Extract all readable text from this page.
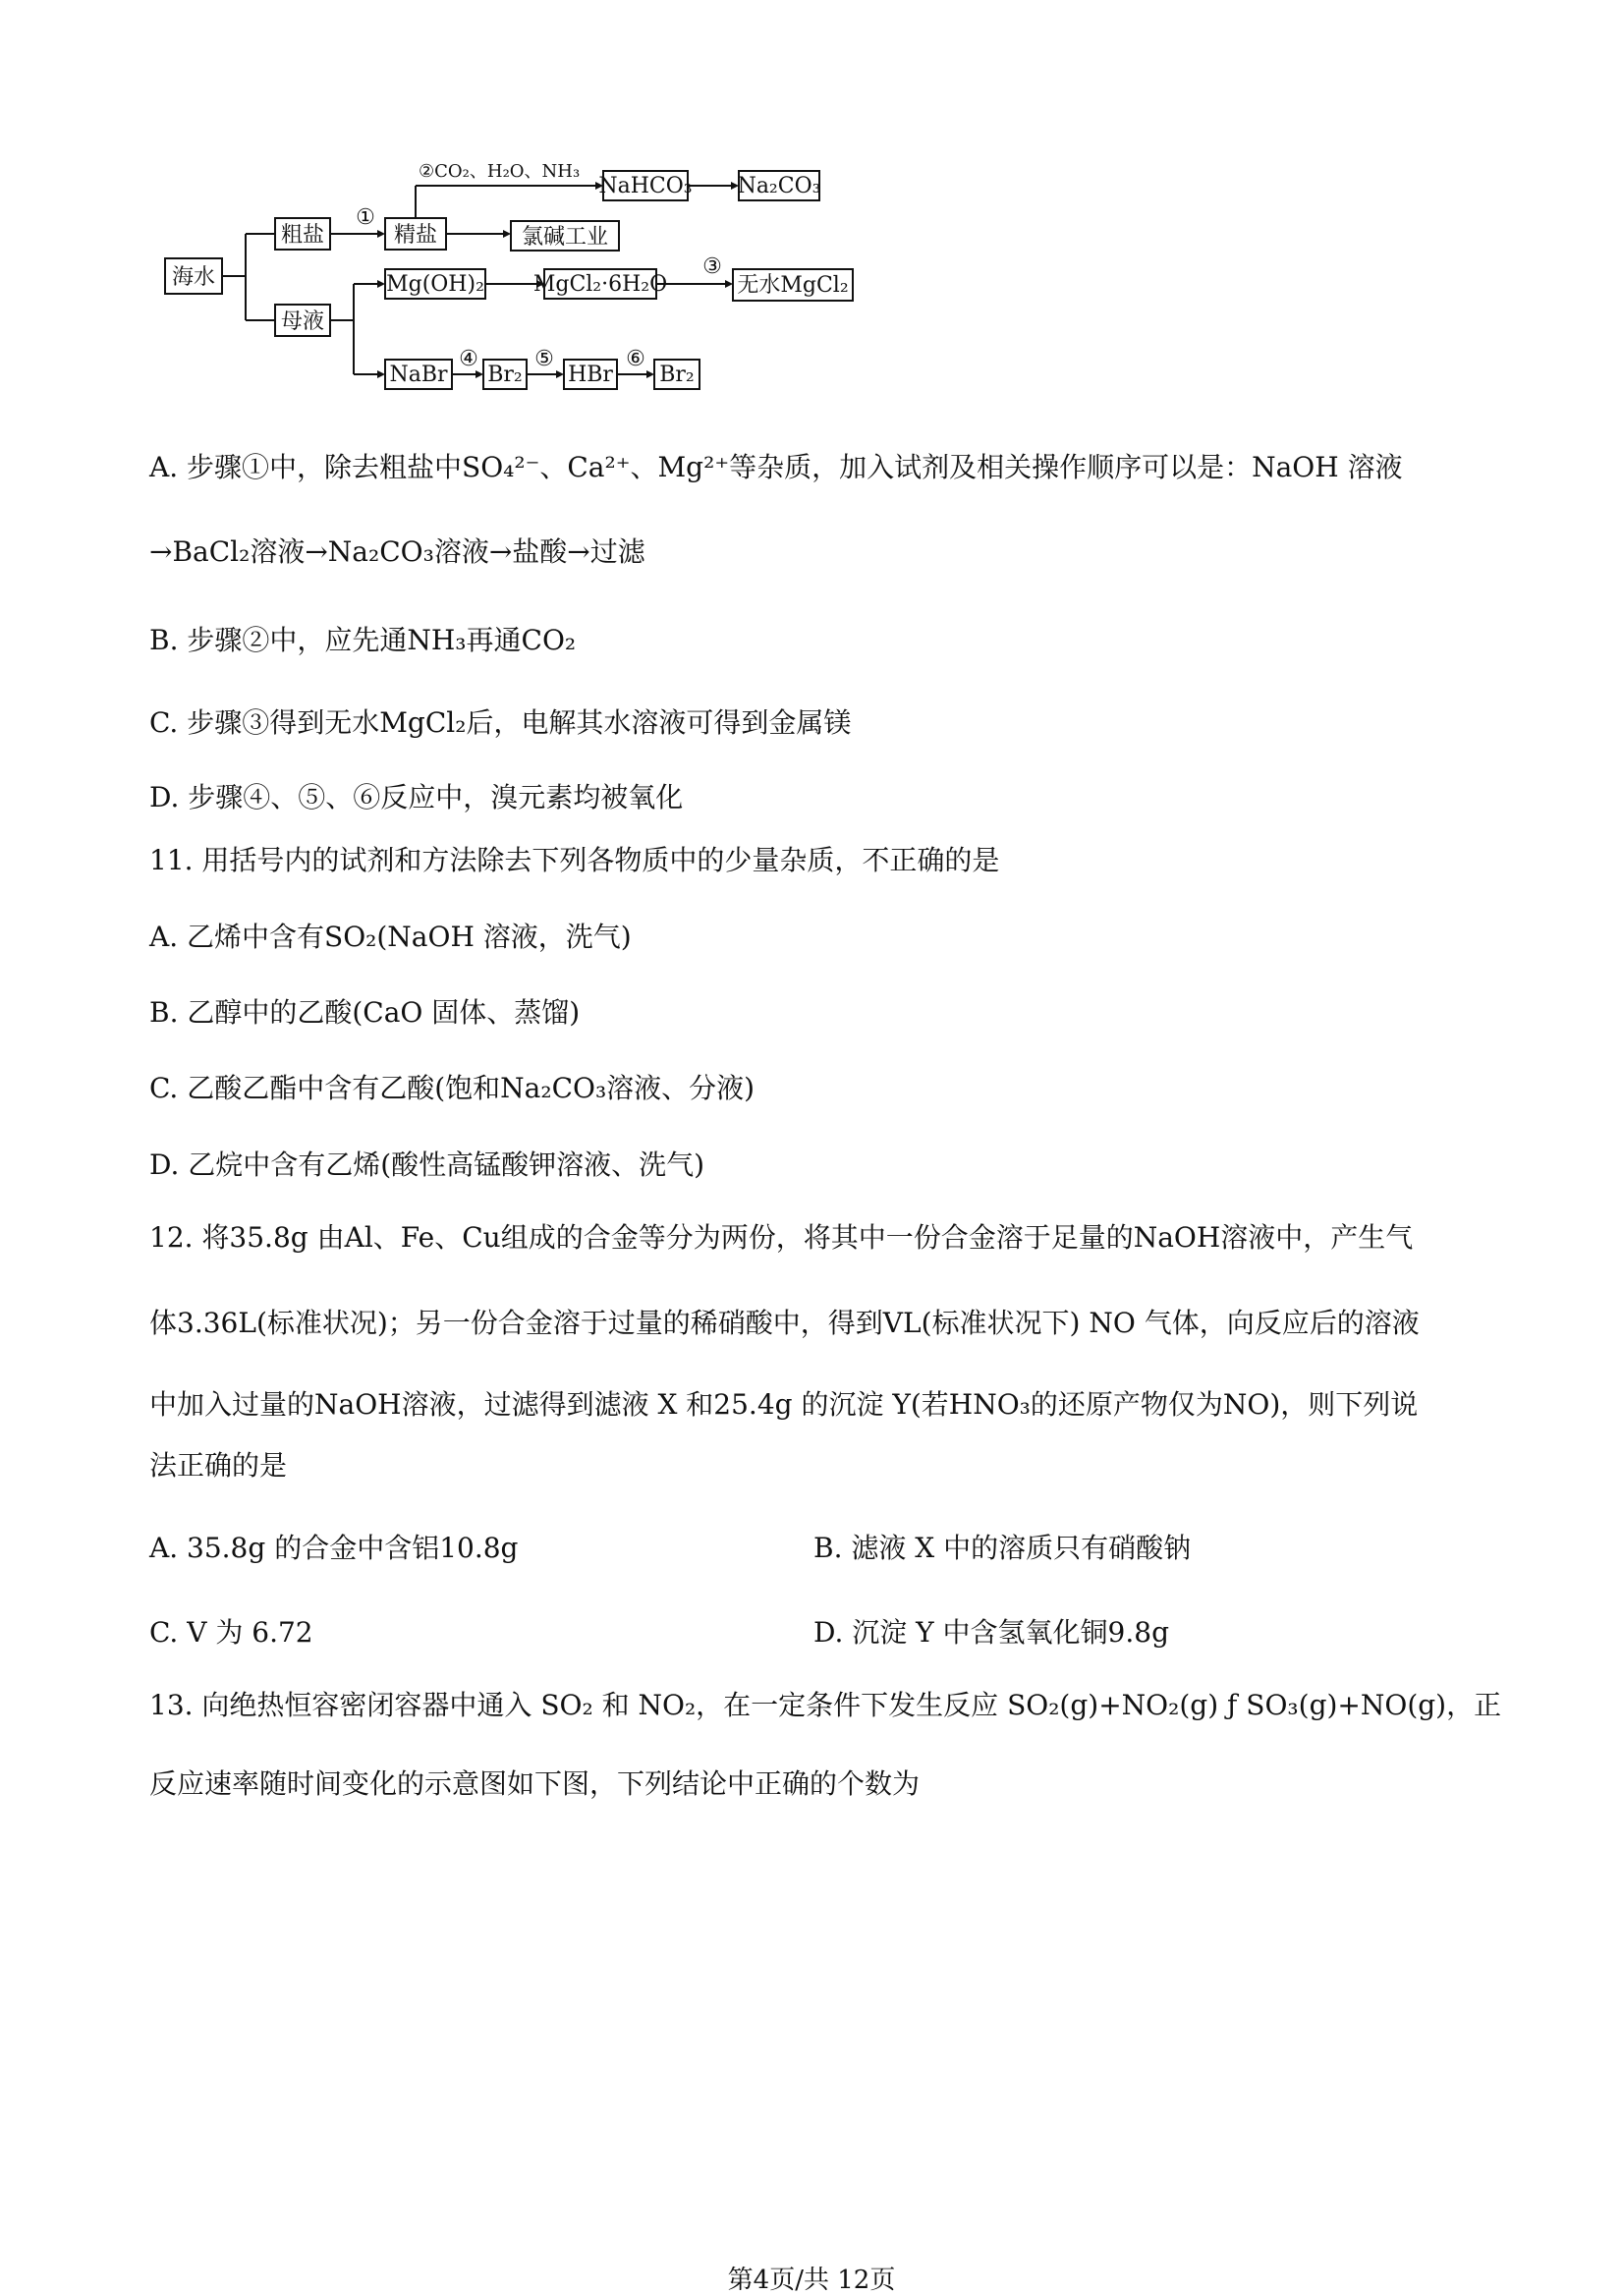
海水
粗盐	精盐
母液
NaHCO₃ Na₂CO₃
氯碱工业
Mg(OH)₂ MgCl₂·6H₂O	无水MgCl₂
NaBr Br₂ HBr Br₂
①
②CO₂、H₂O、NH₃
③
④	⑤	⑥
A. 步骤①中，除去粗盐中SO₄²⁻、Ca²⁺、Mg²⁺等杂质，加入试剂及相关操作顺序可以是：NaOH 溶液
→BaCl₂溶液→Na₂CO₃溶液→盐酸→过滤
B. 步骤②中，应先通NH₃再通CO₂
C. 步骤③得到无水MgCl₂后，电解其水溶液可得到金属镁
D. 步骤④、⑤、⑥反应中，溴元素均被氧化
11. 用括号内的试剂和方法除去下列各物质中的少量杂质，不正确的是
A. 乙烯中含有SO₂(NaOH 溶液，洗气)
B. 乙醇中的乙酸(CaO 固体、蒸馏)
C. 乙酸乙酯中含有乙酸(饱和Na₂CO₃溶液、分液)
D. 乙烷中含有乙烯(酸性高锰酸钾溶液、洗气)
12. 将35.8g 由Al、Fe、Cu组成的合金等分为两份，将其中一份合金溶于足量的NaOH溶液中，产生气
体3.36L(标准状况)；另一份合金溶于过量的稀硝酸中，得到VL(标准状况下) NO 气体，向反应后的溶液
中加入过量的NaOH溶液，过滤得到滤液 X 和25.4g 的沉淀 Y(若HNO₃的还原产物仅为NO)，则下列说
法正确的是
A. 35.8g 的合金中含铝10.8g	B. 滤液 X 中的溶质只有硝酸钠
C. V 为 6.72	D. 沉淀 Y 中含氢氧化铜9.8g
13. 向绝热恒容密闭容器中通入 SO₂ 和 NO₂，在一定条件下发生反应 SO₂(g)+NO₂(g) ƒ SO₃(g)+NO(g)，正
反应速率随时间变化的示意图如下图，下列结论中正确的个数为
第4页/共 12页
